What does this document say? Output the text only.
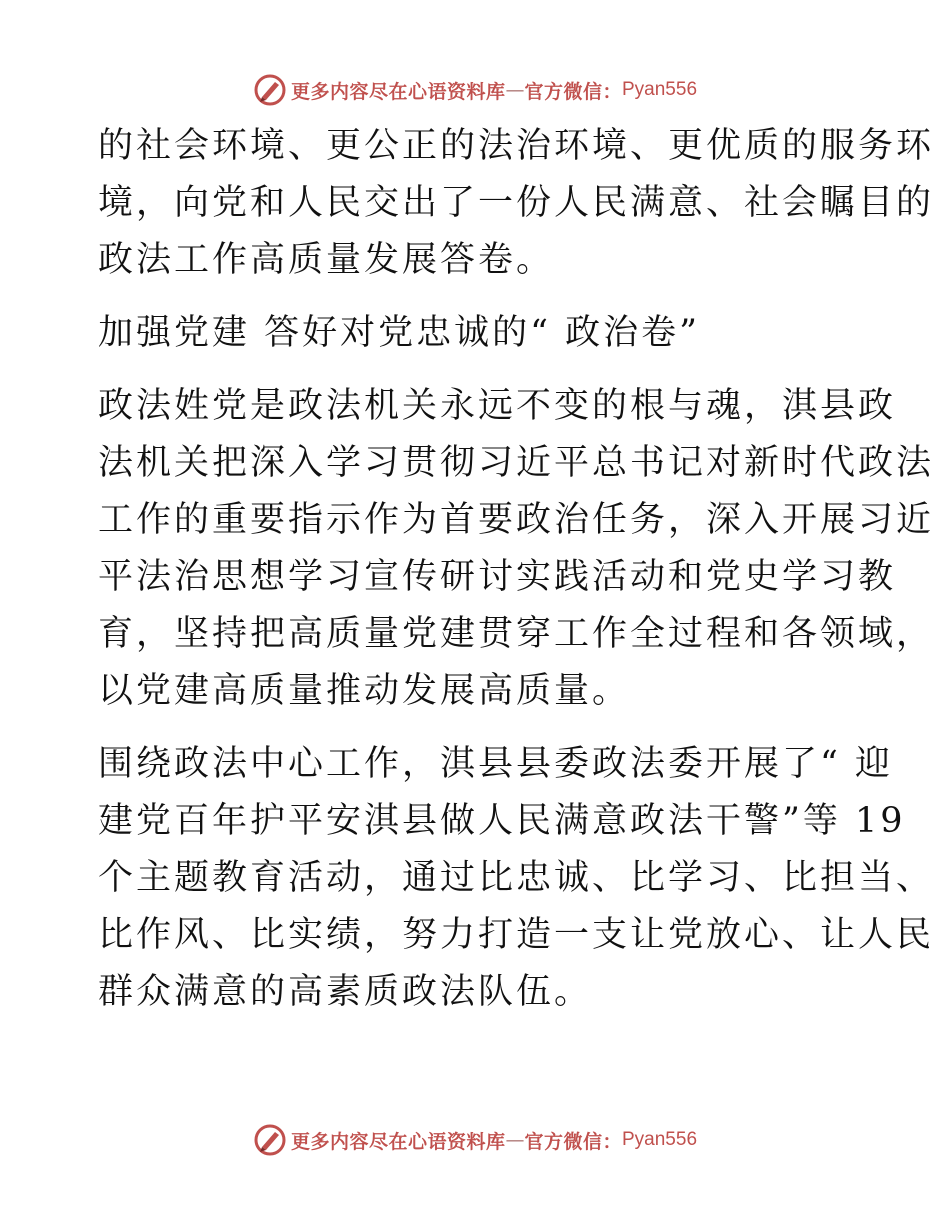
更多内容尽在心语资料库 — 官方微信： Pyan556
的社会环境、更公正的法治环境、更优质的服务环
境，向党和人民交出了一份人民满意、社会瞩目的
政法工作高质量发展答卷。
加强党建 答好对党忠诚的“ 政治卷”
政法姓党是政法机关永远不变的根与魂，淇县政
法机关把深入学习贯彻习近平总书记对新时代政法
工作的重要指示作为首要政治任务，深入开展习近
平法治思想学习宣传研讨实践活动和党史学习教
育，坚持把高质量党建贯穿工作全过程和各领域，
以党建高质量推动发展高质量。
围绕政法中心工作，淇县县委政法委开展了“ 迎
建党百年护平安淇县做人民满意政法干警”等 19
个主题教育活动，通过比忠诚、比学习、比担当、
比作风、比实绩，努力打造一支让党放心、让人民
群众满意的高素质政法队伍。
更多内容尽在心语资料库 — 官方微信： Pyan556
